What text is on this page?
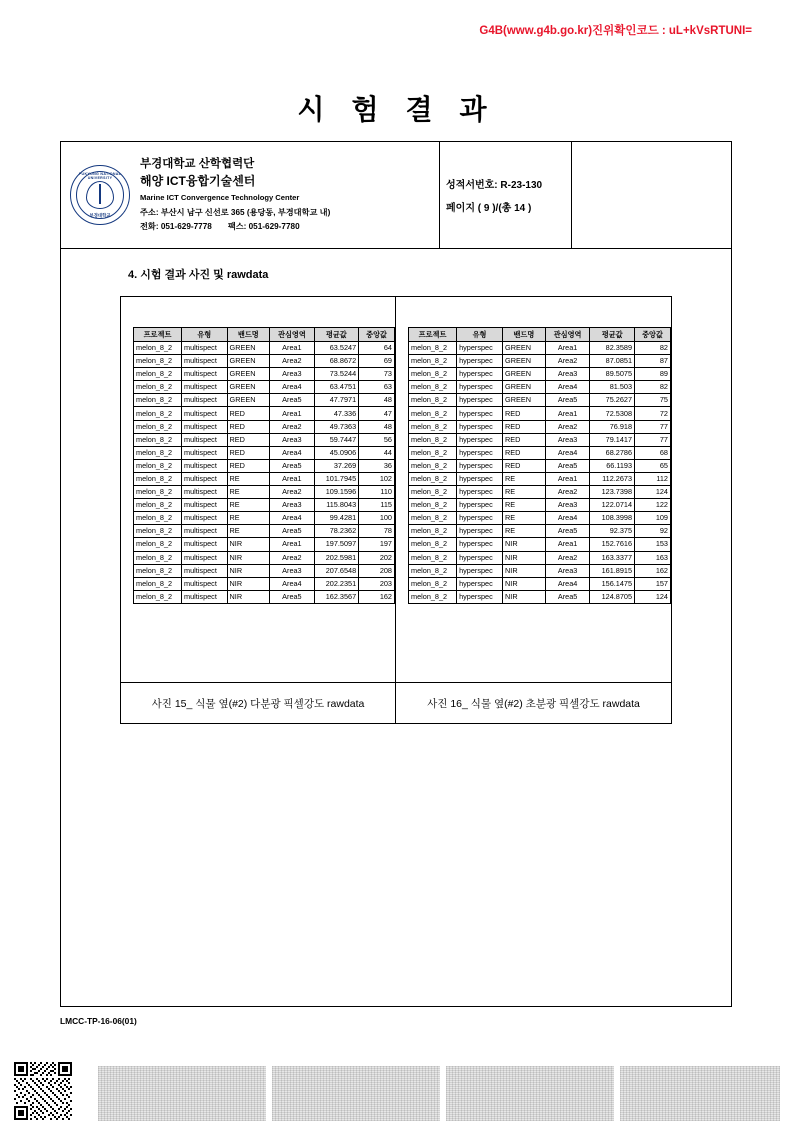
G4B(www.g4b.go.kr)진위확인코드 : uL+kVsRTUNI=
시 험 결 과
PUKYONG NATIONAL UNIVERSITY
부경대학교
부경대학교 산학협력단
해양 ICT융합기술센터
Marine ICT Convergence Technology Center
주소: 부산시 남구 신선로 365 (용당동, 부경대학교 내)
전화: 051-629-7778 팩스: 051-629-7780
성적서번호: R-23-130
페이지 ( 9 )/(총 14 )
4. 시험 결과 사진 및 rawdata
프로젝트	유형	밴드명	관심영역	평균값	중앙값
melon_8_2	multispect	GREEN	Area1	63.5247	64
melon_8_2	multispect	GREEN	Area2	68.8672	69
melon_8_2	multispect	GREEN	Area3	73.5244	73
melon_8_2	multispect	GREEN	Area4	63.4751	63
melon_8_2	multispect	GREEN	Area5	47.7971	48
melon_8_2	multispect	RED	Area1	47.336	47
melon_8_2	multispect	RED	Area2	49.7363	48
melon_8_2	multispect	RED	Area3	59.7447	56
melon_8_2	multispect	RED	Area4	45.0906	44
melon_8_2	multispect	RED	Area5	37.269	36
melon_8_2	multispect	RE	Area1	101.7945	102
melon_8_2	multispect	RE	Area2	109.1596	110
melon_8_2	multispect	RE	Area3	115.8043	115
melon_8_2	multispect	RE	Area4	99.4281	100
melon_8_2	multispect	RE	Area5	78.2362	78
melon_8_2	multispect	NIR	Area1	197.5097	197
melon_8_2	multispect	NIR	Area2	202.5981	202
melon_8_2	multispect	NIR	Area3	207.6548	208
melon_8_2	multispect	NIR	Area4	202.2351	203
melon_8_2	multispect	NIR	Area5	162.3567	162
프로젝트	유형	밴드명	관심영역	평균값	중앙값
melon_8_2	hyperspec	GREEN	Area1	82.3589	82
melon_8_2	hyperspec	GREEN	Area2	87.0851	87
melon_8_2	hyperspec	GREEN	Area3	89.5075	89
melon_8_2	hyperspec	GREEN	Area4	81.503	82
melon_8_2	hyperspec	GREEN	Area5	75.2627	75
melon_8_2	hyperspec	RED	Area1	72.5308	72
melon_8_2	hyperspec	RED	Area2	76.918	77
melon_8_2	hyperspec	RED	Area3	79.1417	77
melon_8_2	hyperspec	RED	Area4	68.2786	68
melon_8_2	hyperspec	RED	Area5	66.1193	65
melon_8_2	hyperspec	RE	Area1	112.2673	112
melon_8_2	hyperspec	RE	Area2	123.7398	124
melon_8_2	hyperspec	RE	Area3	122.0714	122
melon_8_2	hyperspec	RE	Area4	108.3998	109
melon_8_2	hyperspec	RE	Area5	92.375	92
melon_8_2	hyperspec	NIR	Area1	152.7616	153
melon_8_2	hyperspec	NIR	Area2	163.3377	163
melon_8_2	hyperspec	NIR	Area3	161.8915	162
melon_8_2	hyperspec	NIR	Area4	156.1475	157
melon_8_2	hyperspec	NIR	Area5	124.8705	124
사진 15_ 식물 옆(#2) 다분광 픽셀강도 rawdata	사진 16_ 식물 옆(#2) 초분광 픽셀강도 rawdata
LMCC-TP-16-06(01)
